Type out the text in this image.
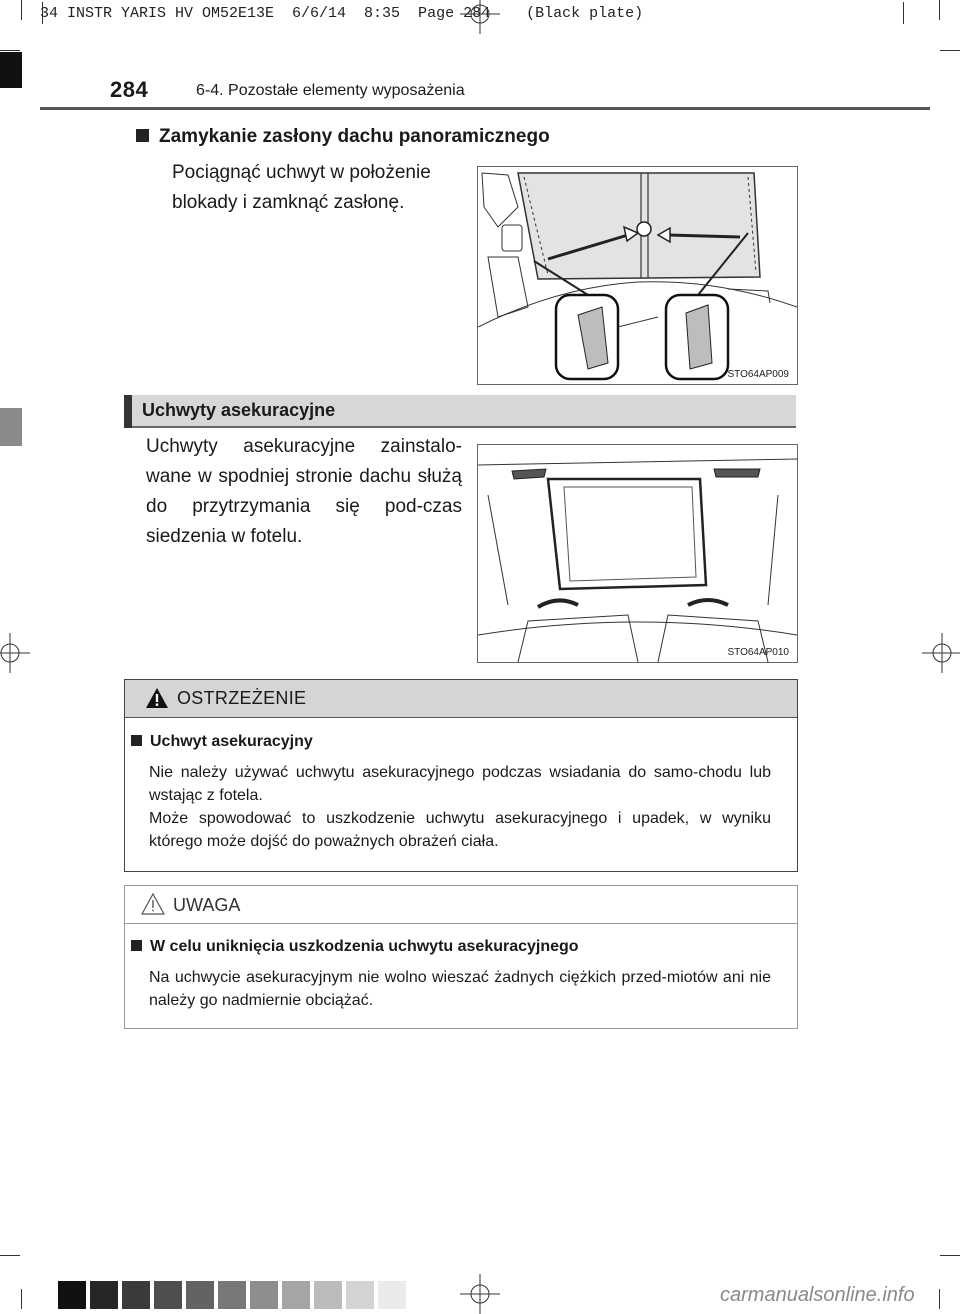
34 INSTR YARIS HV OM52E13E  6/6/14  8:35  Page 284    (Black plate)
284	6-4. Pozostałe elementy wyposażenia
Zamykanie zasłony dachu panoramicznego
Pociągnąć uchwyt w położenie blokady i zamknąć zasłonę.
STO64AP009
Uchwyty asekuracyjne
Uchwyty asekuracyjne zainstalo-wane w spodniej stronie dachu służą do przytrzymania się pod-czas siedzenia w fotelu.
STO64AP010
OSTRZEŻENIE
Uchwyt asekuracyjny

Nie należy używać uchwytu asekuracyjnego podczas wsiadania do samo-chodu lub wstając z fotela.

Może spowodować to uszkodzenie uchwytu asekuracyjnego i upadek, w wyniku którego może dojść do poważnych obrażeń ciała.

UWAGA
W celu uniknięcia uszkodzenia uchwytu asekuracyjnego

Na uchwycie asekuracyjnym nie wolno wieszać żadnych ciężkich przed-miotów ani nie należy go nadmiernie obciążać.

carmanualsonline.info
